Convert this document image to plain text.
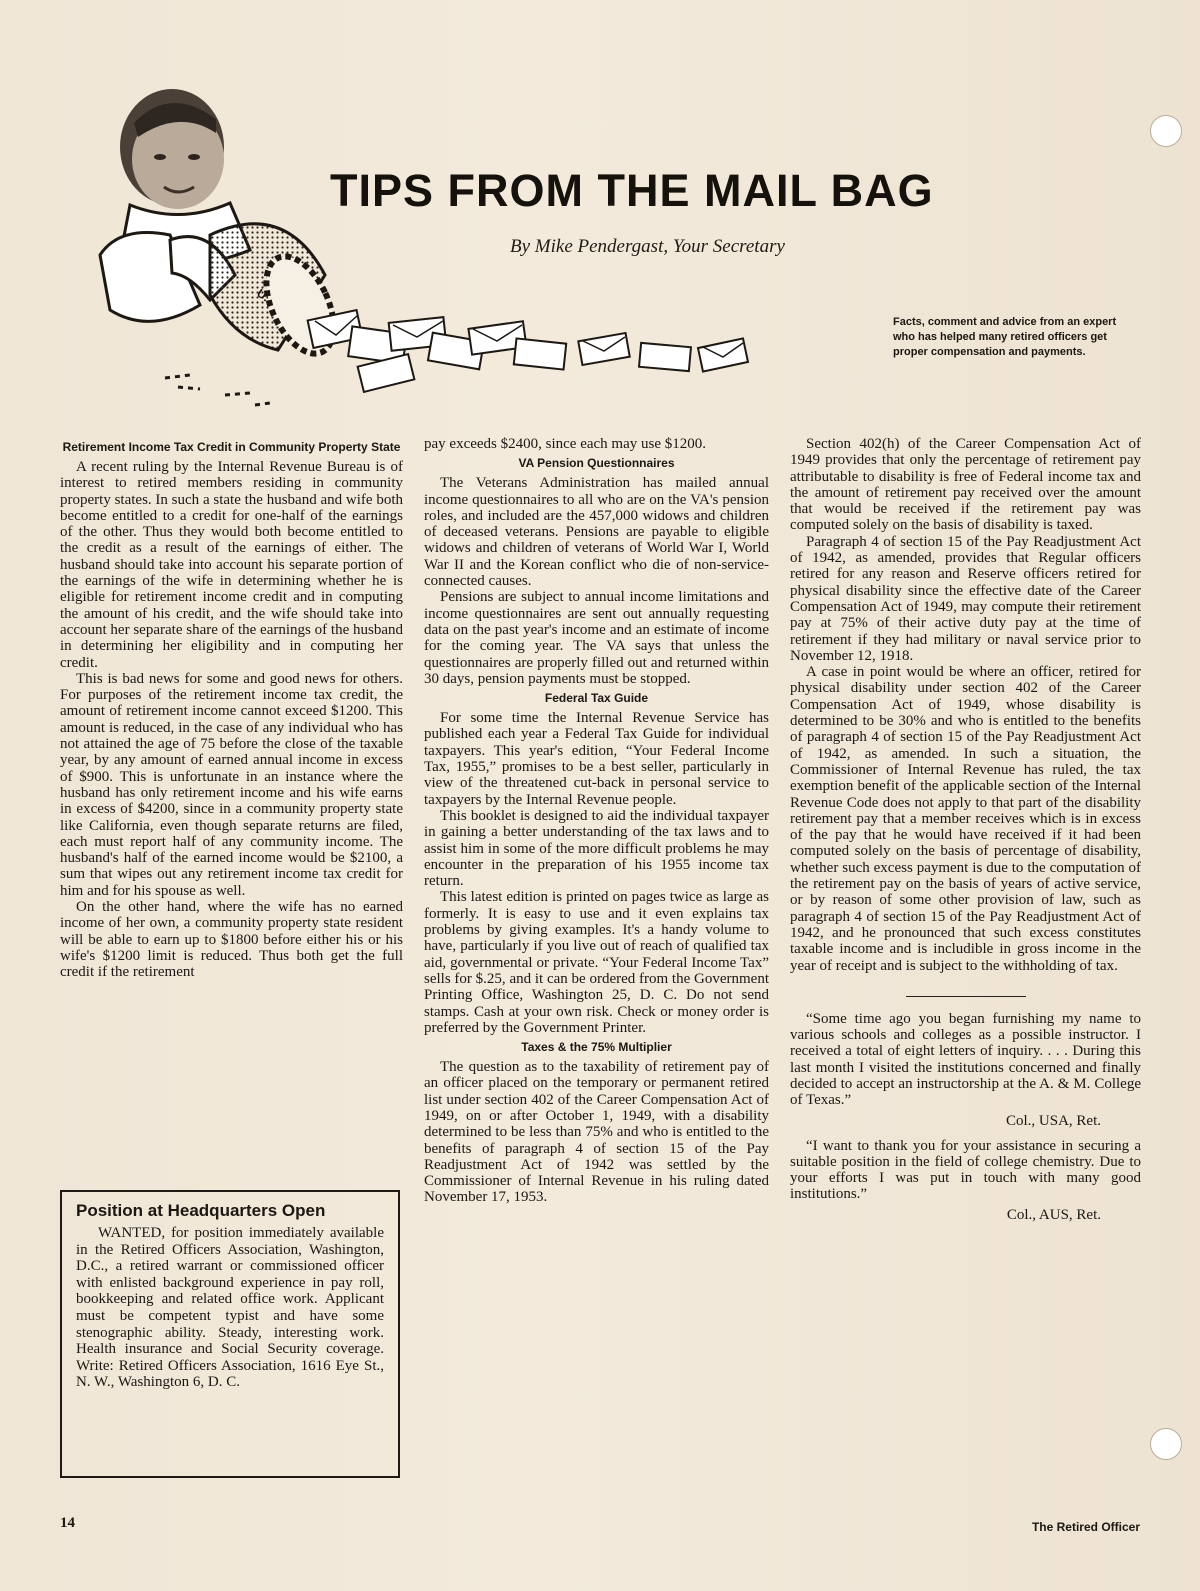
TIPS FROM THE MAIL BAG
By Mike Pendergast, Your Secretary
Facts, comment and advice from an expert who has helped many retired officers get proper compensation and payments.
Retirement Income Tax Credit in Community Property State

A recent ruling by the Internal Revenue Bureau is of interest to retired members residing in community property states. In such a state the husband and wife both become entitled to a credit for one-half of the earnings of the other. Thus they would both become entitled to the credit as a result of the earnings of either. The husband should take into account his separate portion of the earnings of the wife in determining whether he is eligible for retirement income credit and in computing the amount of his credit, and the wife should take into account her separate share of the earnings of the husband in determining her eligibility and in computing her credit.

This is bad news for some and good news for others. For purposes of the retirement income tax credit, the amount of retirement income cannot exceed $1200. This amount is reduced, in the case of any individual who has not attained the age of 75 before the close of the taxable year, by any amount of earned annual income in excess of $900. This is unfortunate in an instance where the husband has only retirement income and his wife earns in excess of $4200, since in a community property state like California, even though separate returns are filed, each must report half of any community income. The husband's half of the earned income would be $2100, a sum that wipes out any retirement income tax credit for him and for his spouse as well.

On the other hand, where the wife has no earned income of her own, a community property state resident will be able to earn up to $1800 before either his or his wife's $1200 limit is reduced. Thus both get the full credit if the retirement

Position at Headquarters Open

WANTED, for position immediately available in the Retired Officers Association, Washington, D.C., a retired warrant or commissioned officer with enlisted background experience in pay roll, bookkeeping and related office work. Applicant must be competent typist and have some stenographic ability. Steady, interesting work. Health insurance and Social Security coverage. Write: Retired Officers Association, 1616 Eye St., N. W., Washington 6, D. C.

pay exceeds $2400, since each may use $1200.

VA Pension Questionnaires

The Veterans Administration has mailed annual income questionnaires to all who are on the VA's pension roles, and included are the 457,000 widows and children of deceased veterans. Pensions are payable to eligible widows and children of veterans of World War I, World War II and the Korean conflict who die of non-service-connected causes.

Pensions are subject to annual income limitations and income questionnaires are sent out annually requesting data on the past year's income and an estimate of income for the coming year. The VA says that unless the questionnaires are properly filled out and returned within 30 days, pension payments must be stopped.

Federal Tax Guide

For some time the Internal Revenue Service has published each year a Federal Tax Guide for individual taxpayers. This year's edition, “Your Federal Income Tax, 1955,” promises to be a best seller, particularly in view of the threatened cut-back in personal service to taxpayers by the Internal Revenue people.

This booklet is designed to aid the individual taxpayer in gaining a better understanding of the tax laws and to assist him in some of the more difficult problems he may encounter in the preparation of his 1955 income tax return.

This latest edition is printed on pages twice as large as formerly. It is easy to use and it even explains tax problems by giving examples. It's a handy volume to have, particularly if you live out of reach of qualified tax aid, governmental or private. “Your Federal Income Tax” sells for $.25, and it can be ordered from the Government Printing Office, Washington 25, D. C. Do not send stamps. Cash at your own risk. Check or money order is preferred by the Government Printer.

Taxes & the 75% Multiplier

The question as to the taxability of retirement pay of an officer placed on the temporary or permanent retired list under section 402 of the Career Compensation Act of 1949, on or after October 1, 1949, with a disability determined to be less than 75% and who is entitled to the benefits of paragraph 4 of section 15 of the Pay Readjustment Act of 1942 was settled by the Commissioner of Internal Revenue in his ruling dated November 17, 1953.

Section 402(h) of the Career Compensation Act of 1949 provides that only the percentage of retirement pay attributable to disability is free of Federal income tax and the amount of retirement pay received over the amount that would be received if the retirement pay was computed solely on the basis of disability is taxed.

Paragraph 4 of section 15 of the Pay Readjustment Act of 1942, as amended, provides that Regular officers retired for any reason and Reserve officers retired for physical disability since the effective date of the Career Compensation Act of 1949, may compute their retirement pay at 75% of their active duty pay at the time of retirement if they had military or naval service prior to November 12, 1918.

A case in point would be where an officer, retired for physical disability under section 402 of the Career Compensation Act of 1949, whose disability is determined to be 30% and who is entitled to the benefits of paragraph 4 of section 15 of the Pay Readjustment Act of 1942, as amended. In such a situation, the Commissioner of Internal Revenue has ruled, the tax exemption benefit of the applicable section of the Internal Revenue Code does not apply to that part of the disability retirement pay that a member receives which is in excess of the pay that he would have received if it had been computed solely on the basis of percentage of disability, whether such excess payment is due to the computation of the retirement pay on the basis of years of active service, or by reason of some other provision of law, such as paragraph 4 of section 15 of the Pay Readjustment Act of 1942, and he pronounced that such excess constitutes taxable income and is includible in gross income in the year of receipt and is subject to the withholding of tax.

“Some time ago you began furnishing my name to various schools and colleges as a possible instructor. I received a total of eight letters of inquiry. . . . During this last month I visited the institutions concerned and finally decided to accept an instructorship at the A. & M. College of Texas.”

Col., USA, Ret.

“I want to thank you for your assistance in securing a suitable position in the field of college chemistry. Due to your efforts I was put in touch with many good institutions.”

Col., AUS, Ret.
14	The Retired Officer
